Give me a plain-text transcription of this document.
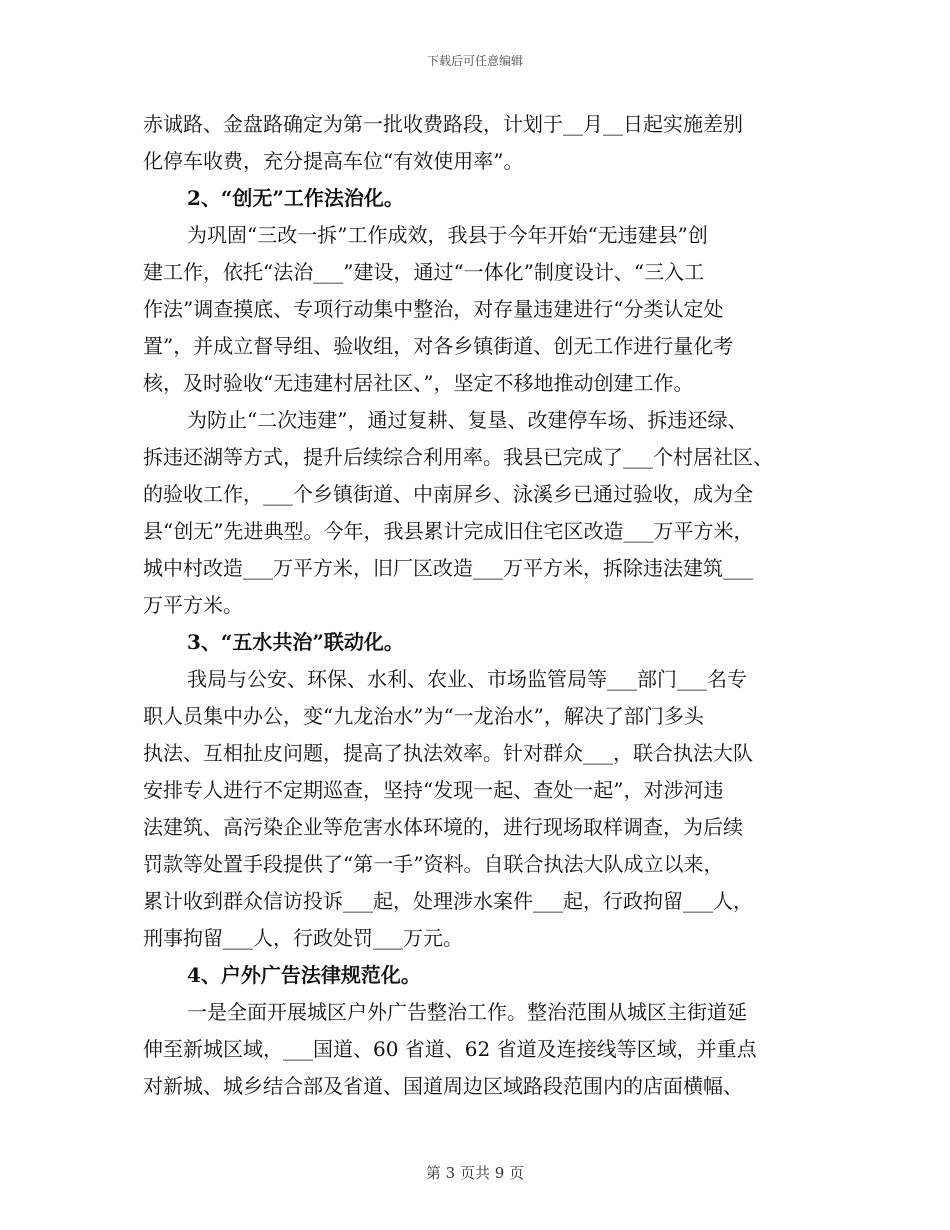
下载后可任意编辑
赤诚路、金盘路确定为第一批收费路段，计划于__月__日起实施差别
化停车收费，充分提高车位“有效使用率”。
2、“创无”工作法治化。
为巩固“三改一拆”工作成效，我县于今年开始“无违建县”创
建工作，依托“法治___”建设，通过“一体化”制度设计、“三入工
作法”调查摸底、专项行动集中整治，对存量违建进行“分类认定处
置”，并成立督导组、验收组，对各乡镇街道、创无工作进行量化考
核，及时验收“无违建村居社区、”，坚定不移地推动创建工作。
为防止“二次违建”，通过复耕、复垦、改建停车场、拆违还绿、
拆违还湖等方式，提升后续综合利用率。我县已完成了___个村居社区、
的验收工作，___个乡镇街道、中南屏乡、泳溪乡已通过验收，成为全
县“创无”先进典型。今年，我县累计完成旧住宅区改造___万平方米，
城中村改造___万平方米，旧厂区改造___万平方米，拆除违法建筑___
万平方米。
3、“五水共治”联动化。
我局与公安、环保、水利、农业、市场监管局等___部门___名专
职人员集中办公，变“九龙治水”为“一龙治水”，解决了部门多头
执法、互相扯皮问题，提高了执法效率。针对群众___，联合执法大队
安排专人进行不定期巡查，坚持“发现一起、查处一起”，对涉河违
法建筑、高污染企业等危害水体环境的，进行现场取样调查，为后续
罚款等处置手段提供了“第一手”资料。自联合执法大队成立以来，
累计收到群众信访投诉___起，处理涉水案件___起，行政拘留___人，
刑事拘留___人，行政处罚___万元。
4、户外广告法律规范化。
一是全面开展城区户外广告整治工作。整治范围从城区主街道延
伸至新城区域，___国道、60 省道、62 省道及连接线等区域，并重点
对新城、城乡结合部及省道、国道周边区域路段范围内的店面横幅、
第 3 页共 9 页
